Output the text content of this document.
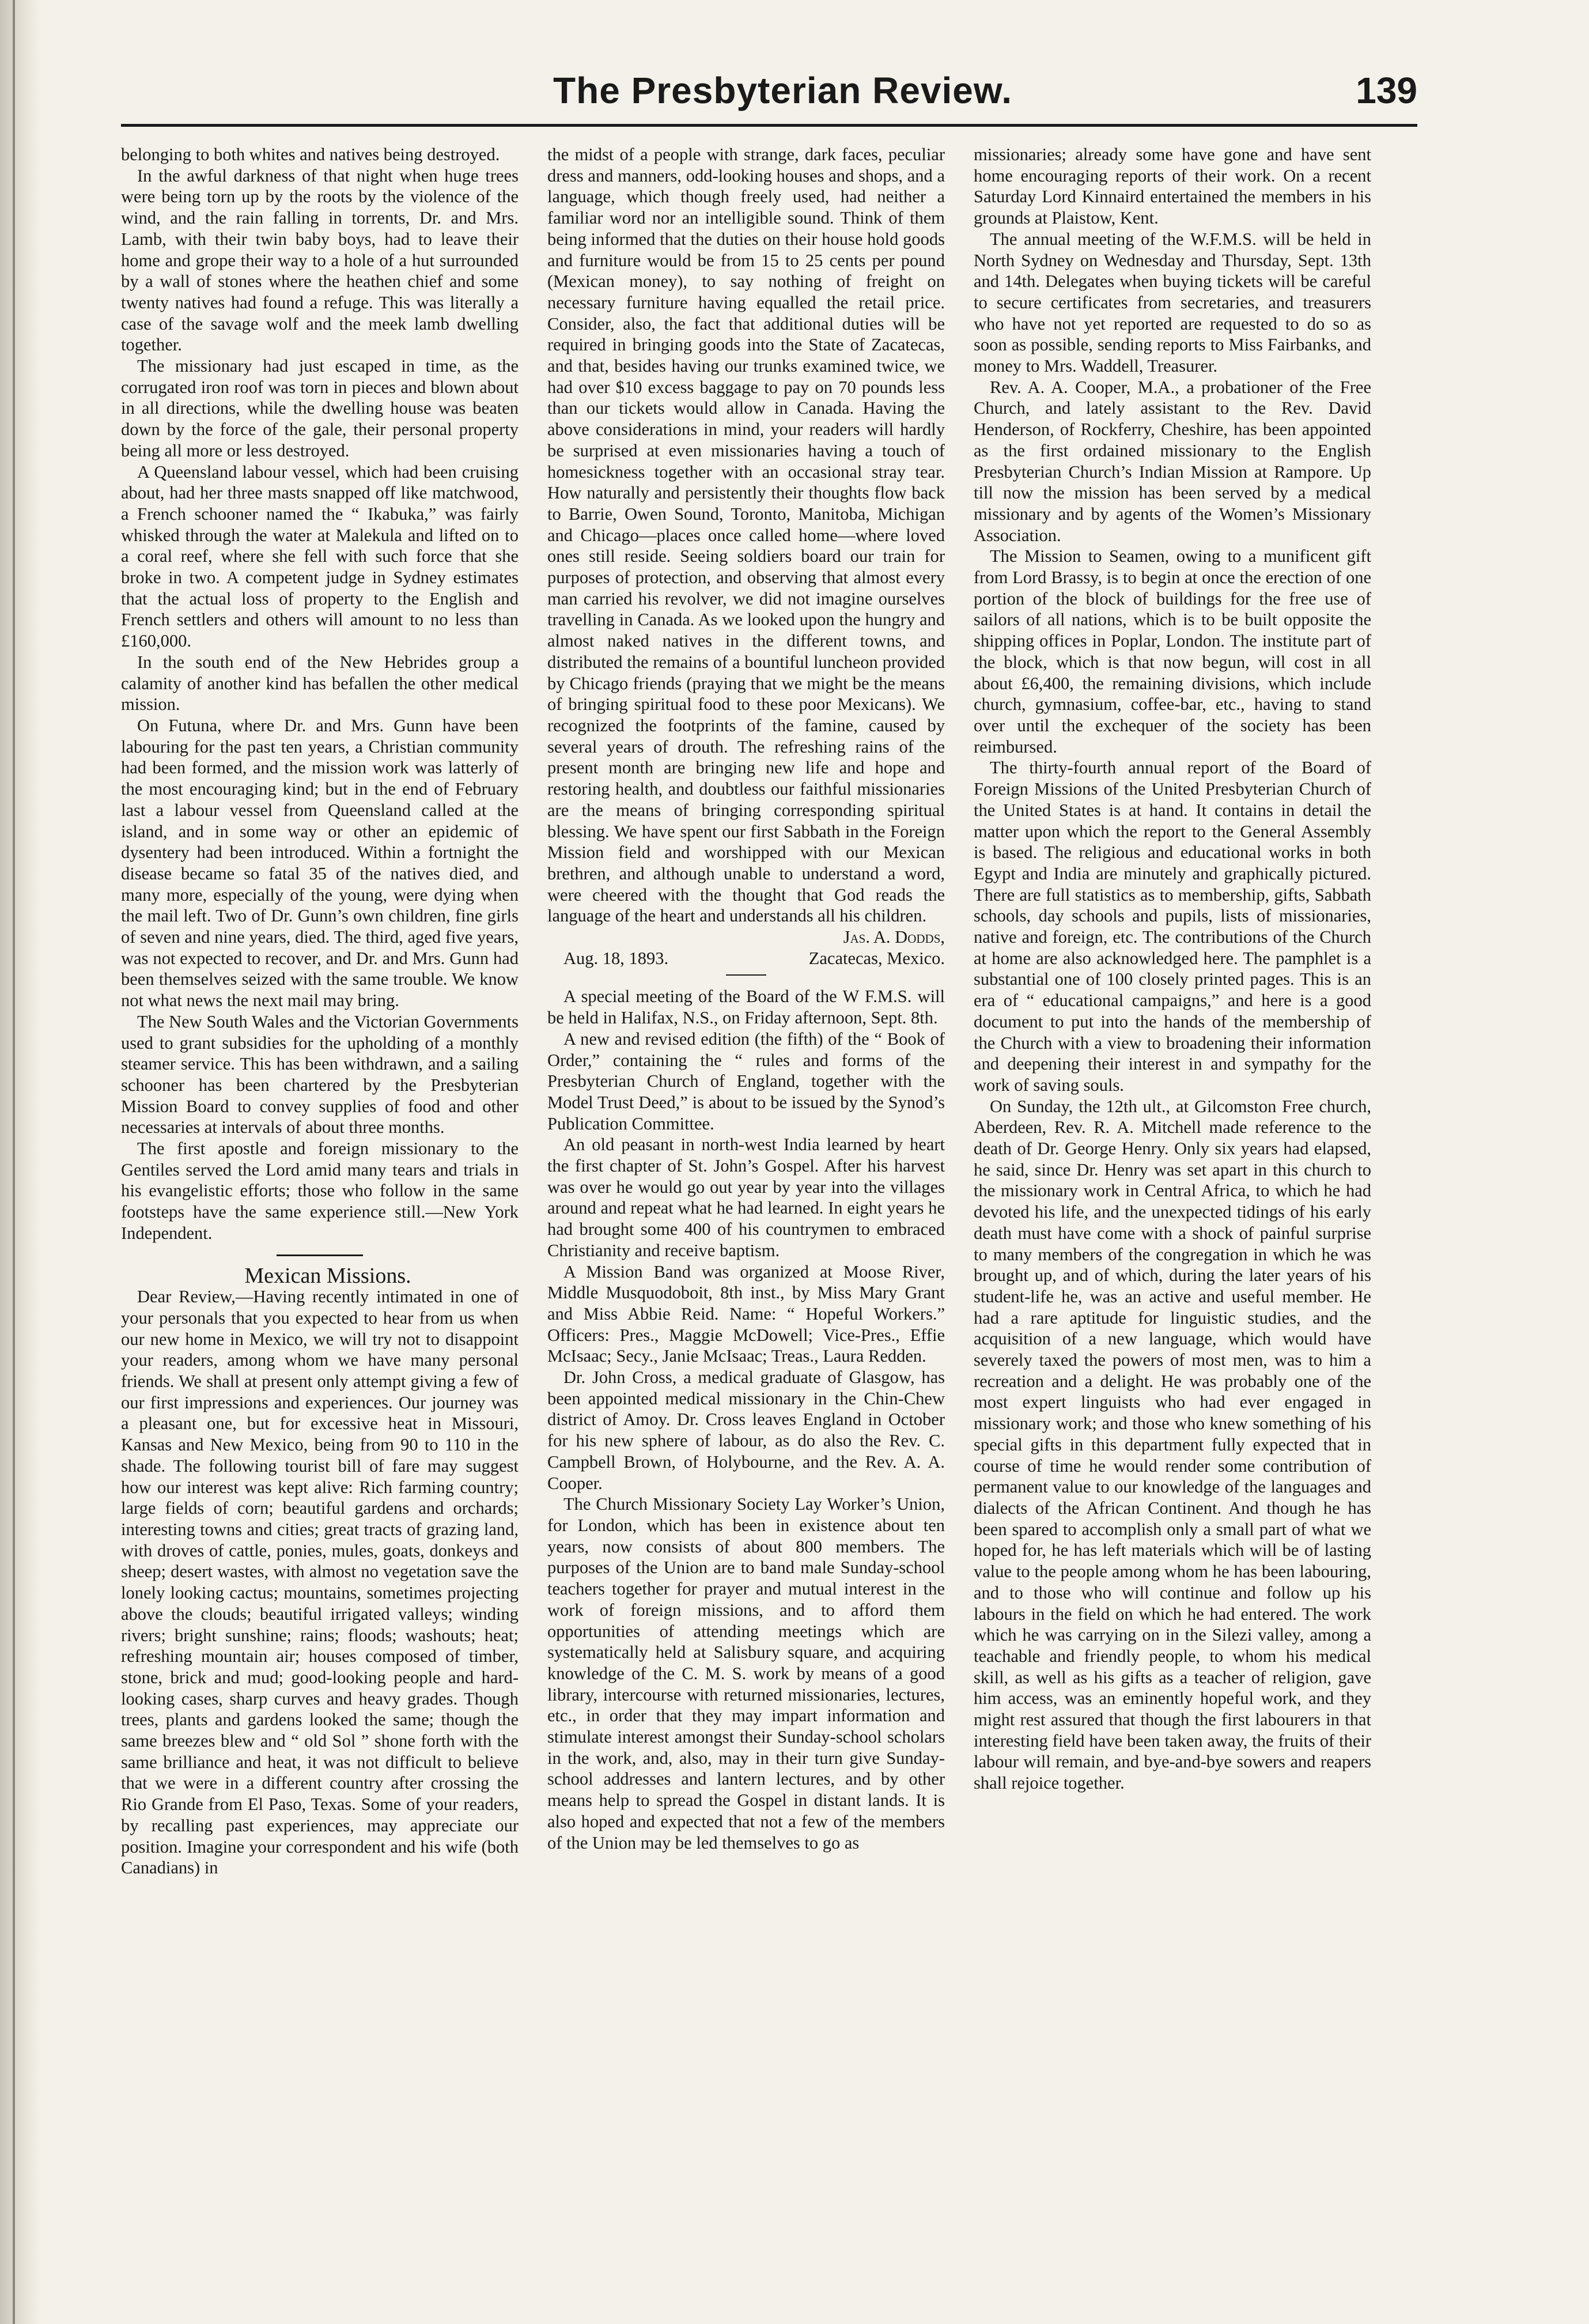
The Presbyterian Review.	139

belonging to both whites and natives being destroyed.

In the awful darkness of that night when huge trees were being torn up by the roots by the violence of the wind, and the rain falling in torrents, Dr. and Mrs. Lamb, with their twin baby boys, had to leave their home and grope their way to a hole of a hut surrounded by a wall of stones where the heathen chief and some twenty natives had found a refuge. This was literally a case of the savage wolf and the meek lamb dwelling together.

The missionary had just escaped in time, as the corrugated iron roof was torn in pieces and blown about in all directions, while the dwelling house was beaten down by the force of the gale, their personal property being all more or less destroyed.

A Queensland labour vessel, which had been cruising about, had her three masts snapped off like matchwood, a French schooner named the “ Ikabuka,” was fairly whisked through the water at Malekula and lifted on to a coral reef, where she fell with such force that she broke in two. A competent judge in Sydney estimates that the actual loss of property to the English and French settlers and others will amount to no less than £160,000.

In the south end of the New Hebrides group a calamity of another kind has befallen the other medical mission.

On Futuna, where Dr. and Mrs. Gunn have been labouring for the past ten years, a Christian community had been formed, and the mission work was latterly of the most encouraging kind; but in the end of February last a labour vessel from Queensland called at the island, and in some way or other an epidemic of dysentery had been introduced. Within a fortnight the disease became so fatal 35 of the natives died, and many more, especially of the young, were dying when the mail left. Two of Dr. Gunn’s own children, fine girls of seven and nine years, died. The third, aged five years, was not expected to recover, and Dr. and Mrs. Gunn had been themselves seized with the same trouble. We know not what news the next mail may bring.

The New South Wales and the Victorian Governments used to grant subsidies for the upholding of a monthly steamer service. This has been withdrawn, and a sailing schooner has been chartered by the Presbyterian Mission Board to convey supplies of food and other necessaries at intervals of about three months.

The first apostle and foreign missionary to the Gentiles served the Lord amid many tears and trials in his evangelistic efforts; those who follow in the same footsteps have the same experience still.—New York Independent.

Mexican Missions.

Dear Review,—Having recently intimated in one of your personals that you expected to hear from us when our new home in Mexico, we will try not to disappoint your readers, among whom we have many personal friends. We shall at present only attempt giving a few of our first impressions and experiences. Our journey was a pleasant one, but for excessive heat in Missouri, Kansas and New Mexico, being from 90 to 110 in the shade. The following tourist bill of fare may suggest how our interest was kept alive: Rich farming country; large fields of corn; beautiful gardens and orchards; interesting towns and cities; great tracts of grazing land, with droves of cattle, ponies, mules, goats, donkeys and sheep; desert wastes, with almost no vegetation save the lonely looking cactus; mountains, sometimes projecting above the clouds; beautiful irrigated valleys; winding rivers; bright sunshine; rains; floods; washouts; heat; refreshing mountain air; houses composed of timber, stone, brick and mud; good-looking people and hard-looking cases, sharp curves and heavy grades. Though trees, plants and gardens looked the same; though the same breezes blew and “ old Sol ” shone forth with the same brilliance and heat, it was not difficult to believe that we were in a different country after crossing the Rio Grande from El Paso, Texas. Some of your readers, by recalling past experiences, may appreciate our position. Imagine your correspondent and his wife (both Canadians) in

the midst of a people with strange, dark faces, peculiar dress and manners, odd-looking houses and shops, and a language, which though freely used, had neither a familiar word nor an intelligible sound. Think of them being informed that the duties on their house hold goods and furniture would be from 15 to 25 cents per pound (Mexican money), to say nothing of freight on necessary furniture having equalled the retail price. Consider, also, the fact that additional duties will be required in bringing goods into the State of Zacatecas, and that, besides having our trunks examined twice, we had over $10 excess baggage to pay on 70 pounds less than our tickets would allow in Canada. Having the above considerations in mind, your readers will hardly be surprised at even missionaries having a touch of homesickness together with an occasional stray tear. How naturally and persistently their thoughts flow back to Barrie, Owen Sound, Toronto, Manitoba, Michigan and Chicago—places once called home—where loved ones still reside. Seeing soldiers board our train for purposes of protection, and observing that almost every man carried his revolver, we did not imagine ourselves travelling in Canada. As we looked upon the hungry and almost naked natives in the different towns, and distributed the remains of a bountiful luncheon provided by Chicago friends (praying that we might be the means of bringing spiritual food to these poor Mexicans). We recognized the footprints of the famine, caused by several years of drouth. The refreshing rains of the present month are bringing new life and hope and restoring health, and doubtless our faithful missionaries are the means of bringing corresponding spiritual blessing. We have spent our first Sabbath in the Foreign Mission field and worshipped with our Mexican brethren, and although unable to understand a word, were cheered with the thought that God reads the language of the heart and understands all his children.

Jas. A. Dodds,

Aug. 18, 1893.	Zacatecas, Mexico.

A special meeting of the Board of the W F.M.S. will be held in Halifax, N.S., on Friday afternoon, Sept. 8th.

A new and revised edition (the fifth) of the “ Book of Order,” containing the “ rules and forms of the Presbyterian Church of England, together with the Model Trust Deed,” is about to be issued by the Synod’s Publication Committee.

An old peasant in north-west India learned by heart the first chapter of St. John’s Gospel. After his harvest was over he would go out year by year into the villages around and repeat what he had learned. In eight years he had brought some 400 of his countrymen to embraced Christianity and receive baptism.

A Mission Band was organized at Moose River, Middle Musquodoboit, 8th inst., by Miss Mary Grant and Miss Abbie Reid. Name: “ Hopeful Workers.” Officers: Pres., Maggie McDowell; Vice-Pres., Effie McIsaac; Secy., Janie McIsaac; Treas., Laura Redden.

Dr. John Cross, a medical graduate of Glasgow, has been appointed medical missionary in the Chin-Chew district of Amoy. Dr. Cross leaves England in October for his new sphere of labour, as do also the Rev. C. Campbell Brown, of Holybourne, and the Rev. A. A. Cooper.

The Church Missionary Society Lay Worker’s Union, for London, which has been in existence about ten years, now consists of about 800 members. The purposes of the Union are to band male Sunday-school teachers together for prayer and mutual interest in the work of foreign missions, and to afford them opportunities of attending meetings which are systematically held at Salisbury square, and acquiring knowledge of the C. M. S. work by means of a good library, intercourse with returned missionaries, lectures, etc., in order that they may impart information and stimulate interest amongst their Sunday-school scholars in the work, and, also, may in their turn give Sunday-school addresses and lantern lectures, and by other means help to spread the Gospel in distant lands. It is also hoped and expected that not a few of the members of the Union may be led themselves to go as

missionaries; already some have gone and have sent home encouraging reports of their work. On a recent Saturday Lord Kinnaird entertained the members in his grounds at Plaistow, Kent.

The annual meeting of the W.F.M.S. will be held in North Sydney on Wednesday and Thursday, Sept. 13th and 14th. Delegates when buying tickets will be careful to secure certificates from secretaries, and treasurers who have not yet reported are requested to do so as soon as possible, sending reports to Miss Fairbanks, and money to Mrs. Waddell, Treasurer.

Rev. A. A. Cooper, M.A., a probationer of the Free Church, and lately assistant to the Rev. David Henderson, of Rockferry, Cheshire, has been appointed as the first ordained missionary to the English Presbyterian Church’s Indian Mission at Rampore. Up till now the mission has been served by a medical missionary and by agents of the Women’s Missionary Association.

The Mission to Seamen, owing to a munificent gift from Lord Brassy, is to begin at once the erection of one portion of the block of buildings for the free use of sailors of all nations, which is to be built opposite the shipping offices in Poplar, London. The institute part of the block, which is that now begun, will cost in all about £6,400, the remaining divisions, which include church, gymnasium, coffee-bar, etc., having to stand over until the exchequer of the society has been reimbursed.

The thirty-fourth annual report of the Board of Foreign Missions of the United Presbyterian Church of the United States is at hand. It contains in detail the matter upon which the report to the General Assembly is based. The religious and educational works in both Egypt and India are minutely and graphically pictured. There are full statistics as to membership, gifts, Sabbath schools, day schools and pupils, lists of missionaries, native and foreign, etc. The contributions of the Church at home are also acknowledged here. The pamphlet is a substantial one of 100 closely printed pages. This is an era of “ educational campaigns,” and here is a good document to put into the hands of the membership of the Church with a view to broadening their information and deepening their interest in and sympathy for the work of saving souls.

On Sunday, the 12th ult., at Gilcomston Free church, Aberdeen, Rev. R. A. Mitchell made reference to the death of Dr. George Henry. Only six years had elapsed, he said, since Dr. Henry was set apart in this church to the missionary work in Central Africa, to which he had devoted his life, and the unexpected tidings of his early death must have come with a shock of painful surprise to many members of the congregation in which he was brought up, and of which, during the later years of his student-life he, was an active and useful member. He had a rare aptitude for linguistic studies, and the acquisition of a new language, which would have severely taxed the powers of most men, was to him a recreation and a delight. He was probably one of the most expert linguists who had ever engaged in missionary work; and those who knew something of his special gifts in this department fully expected that in course of time he would render some contribution of permanent value to our knowledge of the languages and dialects of the African Continent. And though he has been spared to accomplish only a small part of what we hoped for, he has left materials which will be of lasting value to the people among whom he has been labouring, and to those who will continue and follow up his labours in the field on which he had entered. The work which he was carrying on in the Silezi valley, among a teachable and friendly people, to whom his medical skill, as well as his gifts as a teacher of religion, gave him access, was an eminently hopeful work, and they might rest assured that though the first labourers in that interesting field have been taken away, the fruits of their labour will remain, and bye-and-bye sowers and reapers shall rejoice together.
